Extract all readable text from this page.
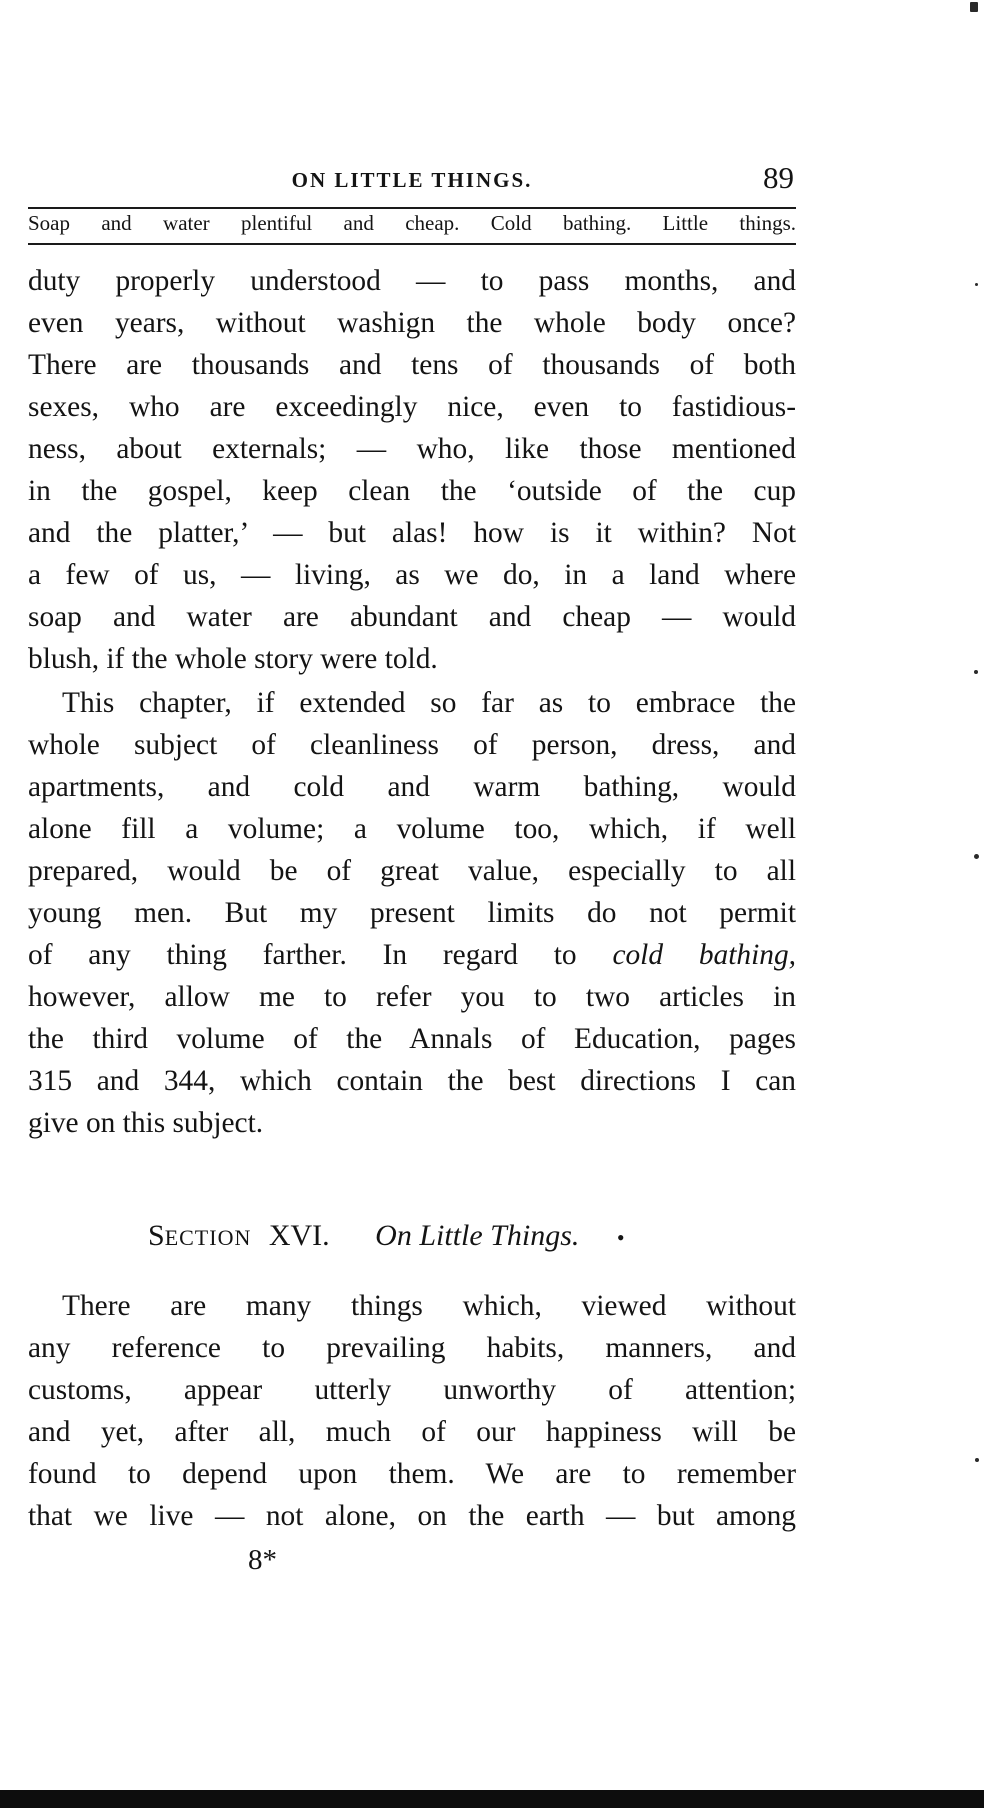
ON LITTLE THINGS.	89
Soap and water plentiful and cheap. Cold bathing. Little things.
duty properly understood — to pass months, and
even years, without washign the whole body once?
There are thousands and tens of thousands of both
sexes, who are exceedingly nice, even to fastidious-
ness, about externals; — who, like those mentioned
in the gospel, keep clean the ‘outside of the cup
and the platter,’ — but alas! how is it within? Not
a few of us, — living, as we do, in a land where
soap and water are abundant and cheap — would
blush, if the whole story were told.
This chapter, if extended so far as to embrace the
whole subject of cleanliness of person, dress, and
apartments, and cold and warm bathing, would
alone fill a volume; a volume too, which, if well
prepared, would be of great value, especially to all
young men. But my present limits do not permit
of any thing farther. In regard to cold bathing,
however, allow me to refer you to two articles in
the third volume of the Annals of Education, pages
315 and 344, which contain the best directions I can
give on this subject.
SECTION XVI. On Little Things. •
There are many things which, viewed without
any reference to prevailing habits, manners, and
customs, appear utterly unworthy of attention;
and yet, after all, much of our happiness will be
found to depend upon them. We are to remember
that we live — not alone, on the earth — but among
8*
